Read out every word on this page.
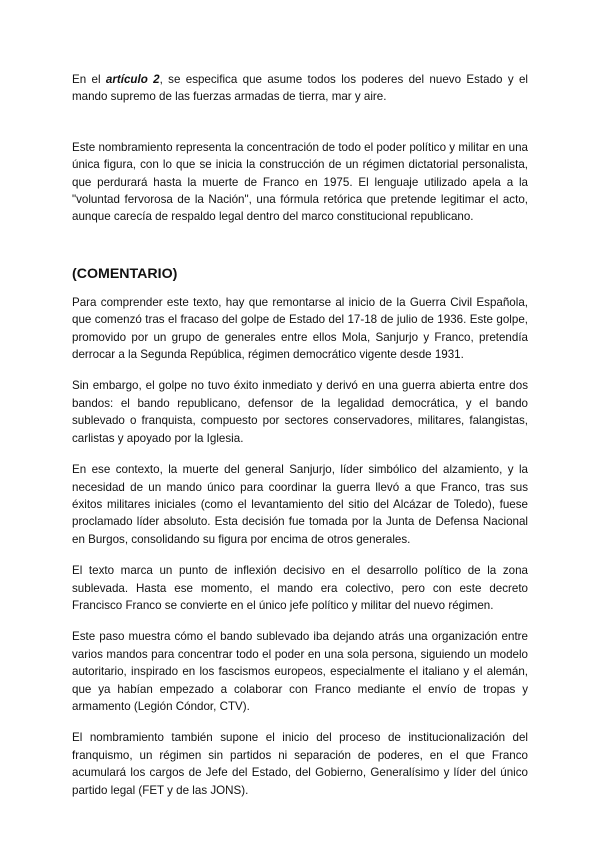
En el artículo 2, se especifica que asume todos los poderes del nuevo Estado y el mando supremo de las fuerzas armadas de tierra, mar y aire.

Este nombramiento representa la concentración de todo el poder político y militar en una única figura, con lo que se inicia la construcción de un régimen dictatorial personalista, que perdurará hasta la muerte de Franco en 1975. El lenguaje utilizado apela a la "voluntad fervorosa de la Nación", una fórmula retórica que pretende legitimar el acto, aunque carecía de respaldo legal dentro del marco constitucional republicano.

(COMENTARIO)

Para comprender este texto, hay que remontarse al inicio de la Guerra Civil Española, que comenzó tras el fracaso del golpe de Estado del 17-18 de julio de 1936. Este golpe, promovido por un grupo de generales entre ellos Mola, Sanjurjo y Franco, pretendía derrocar a la Segunda República, régimen democrático vigente desde 1931.

Sin embargo, el golpe no tuvo éxito inmediato y derivó en una guerra abierta entre dos bandos: el bando republicano, defensor de la legalidad democrática, y el bando sublevado o franquista, compuesto por sectores conservadores, militares, falangistas, carlistas y apoyado por la Iglesia.

En ese contexto, la muerte del general Sanjurjo, líder simbólico del alzamiento, y la necesidad de un mando único para coordinar la guerra llevó a que Franco, tras sus éxitos militares iniciales (como el levantamiento del sitio del Alcázar de Toledo), fuese proclamado líder absoluto. Esta decisión fue tomada por la Junta de Defensa Nacional en Burgos, consolidando su figura por encima de otros generales.

El texto marca un punto de inflexión decisivo en el desarrollo político de la zona sublevada. Hasta ese momento, el mando era colectivo, pero con este decreto Francisco Franco se convierte en el único jefe político y militar del nuevo régimen.

Este paso muestra cómo el bando sublevado iba dejando atrás una organización entre varios mandos para concentrar todo el poder en una sola persona, siguiendo un modelo autoritario, inspirado en los fascismos europeos, especialmente el italiano y el alemán, que ya habían empezado a colaborar con Franco mediante el envío de tropas y armamento (Legión Cóndor, CTV).

El nombramiento también supone el inicio del proceso de institucionalización del franquismo, un régimen sin partidos ni separación de poderes, en el que Franco acumulará los cargos de Jefe del Estado, del Gobierno, Generalísimo y líder del único partido legal (FET y de las JONS).
